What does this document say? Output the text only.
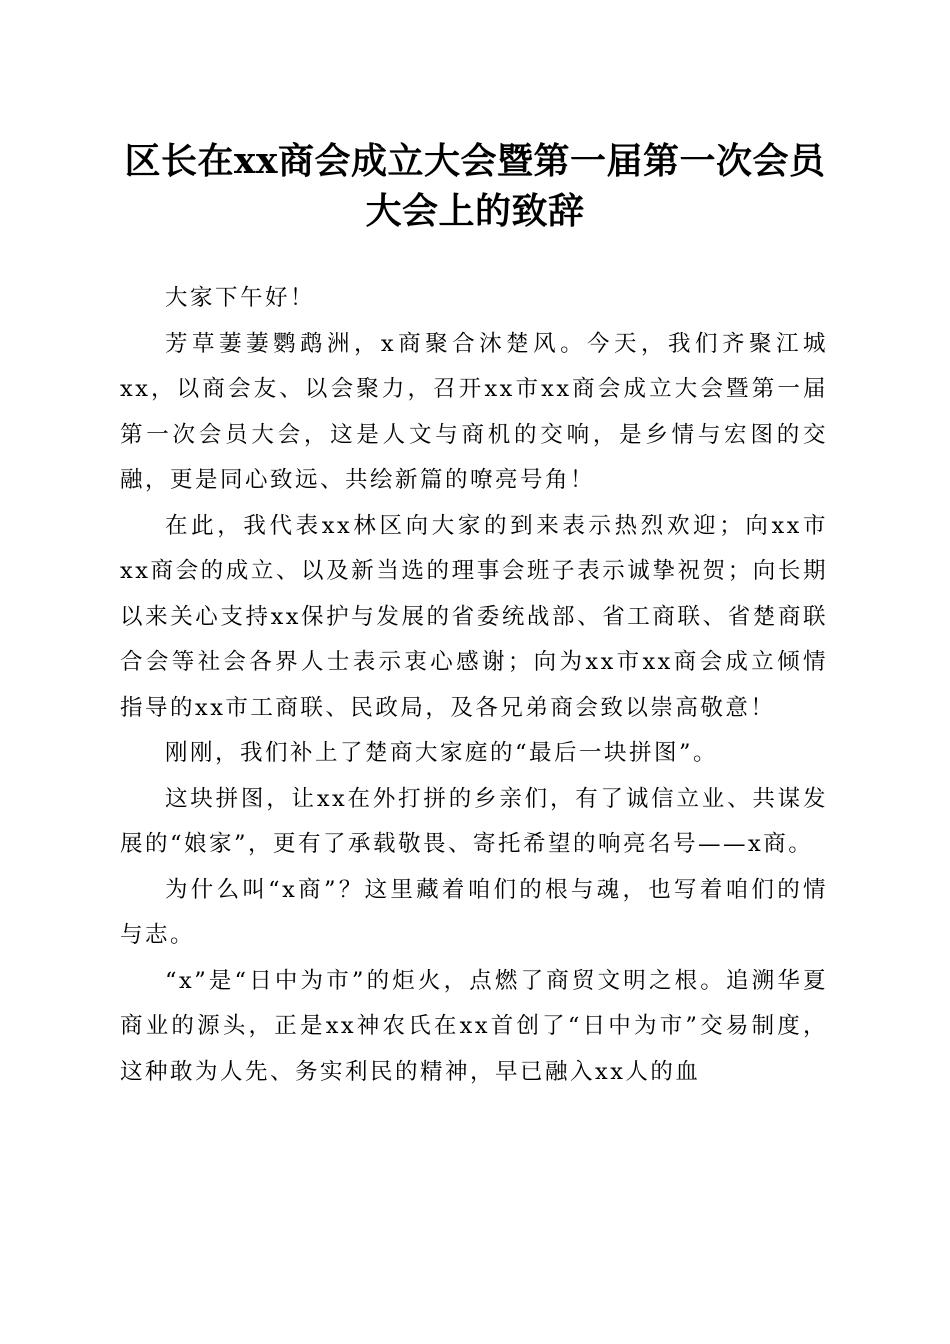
区长在xx商会成立大会暨第一届第一次会员
大会上的致辞

大家下午好！

芳草萋萋鹦鹉洲，x商聚合沐楚风。今天，我们齐聚江城xx，以商会友、以会聚力，召开xx市xx商会成立大会暨第一届第一次会员大会，这是人文与商机的交响，是乡情与宏图的交融，更是同心致远、共绘新篇的嘹亮号角！

在此，我代表xx林区向大家的到来表示热烈欢迎；向xx市xx商会的成立、以及新当选的理事会班子表示诚挚祝贺；向长期以来关心支持xx保护与发展的省委统战部、省工商联、省楚商联合会等社会各界人士表示衷心感谢；向为xx市xx商会成立倾情指导的xx市工商联、民政局，及各兄弟商会致以崇高敬意！

刚刚，我们补上了楚商大家庭的“最后一块拼图”。

这块拼图，让xx在外打拼的乡亲们，有了诚信立业、共谋发展的“娘家”，更有了承载敬畏、寄托希望的响亮名号——x商。

为什么叫“x商”？这里藏着咱们的根与魂，也写着咱们的情与志。

“x”是“日中为市”的炬火，点燃了商贸文明之根。追溯华夏商业的源头，正是xx神农氏在xx首创了“日中为市”交易制度，这种敢为人先、务实利民的精神，早已融入xx人的血
